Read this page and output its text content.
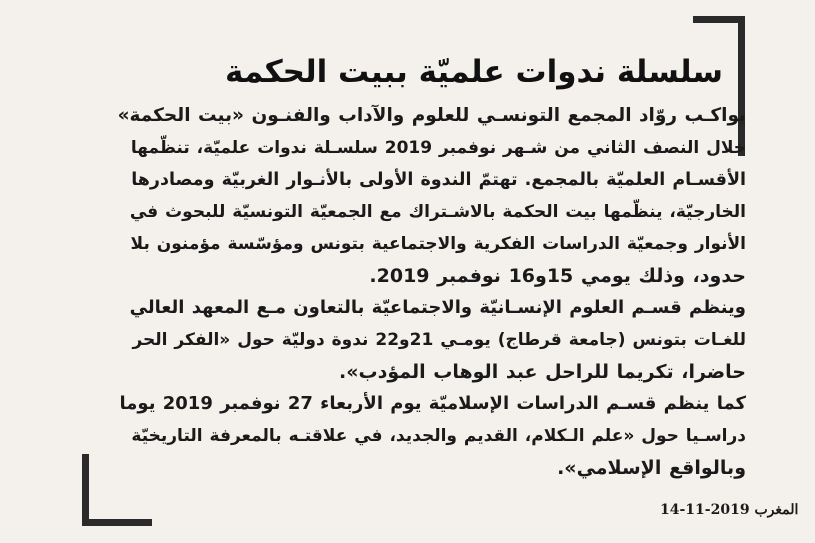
سلسلة ندوات علميّة ببيت الحكمة

يواكـب روّاد المجمع التونسـي للعلوم والآداب والفنـون «بيت الحكمة»
خلال النصف الثاني من شـهر نوفمبر 2019 سلسـلة ندوات علميّة، تنظّمها
الأقسـام العلميّة بالمجمع. تهتمّ الندوة الأولى بالأنـوار الغربيّة ومصادرها
الخارجيّة، ينظّمها بيت الحكمة بالاشـتراك مع الجمعيّة التونسيّة للبحوث في
الأنوار وجمعيّة الدراسات الفكرية والاجتماعية بتونس ومؤسّسة مؤمنون بلا
حدود، وذلك يومي 15و16 نوفمبر 2019.

وينظم قسـم العلوم الإنسـانيّة والاجتماعيّة بالتعاون مـع المعهد العالي
للغـات بتونس (جامعة قرطاج) يومـي 21و22 ندوة دوليّة حول «الفكر الحر
حاضرا، تكريما للراحل عبد الوهاب المؤدب».

كما ينظم قسـم الدراسات الإسلاميّة يوم الأربعاء 27 نوفمبر 2019 يوما
دراسـيا حول «علم الـكلام، القديم والجديد، في علاقتـه بالمعرفة التاريخيّة
وبالواقع الإسلامي».

المغرب 2019-11-14
